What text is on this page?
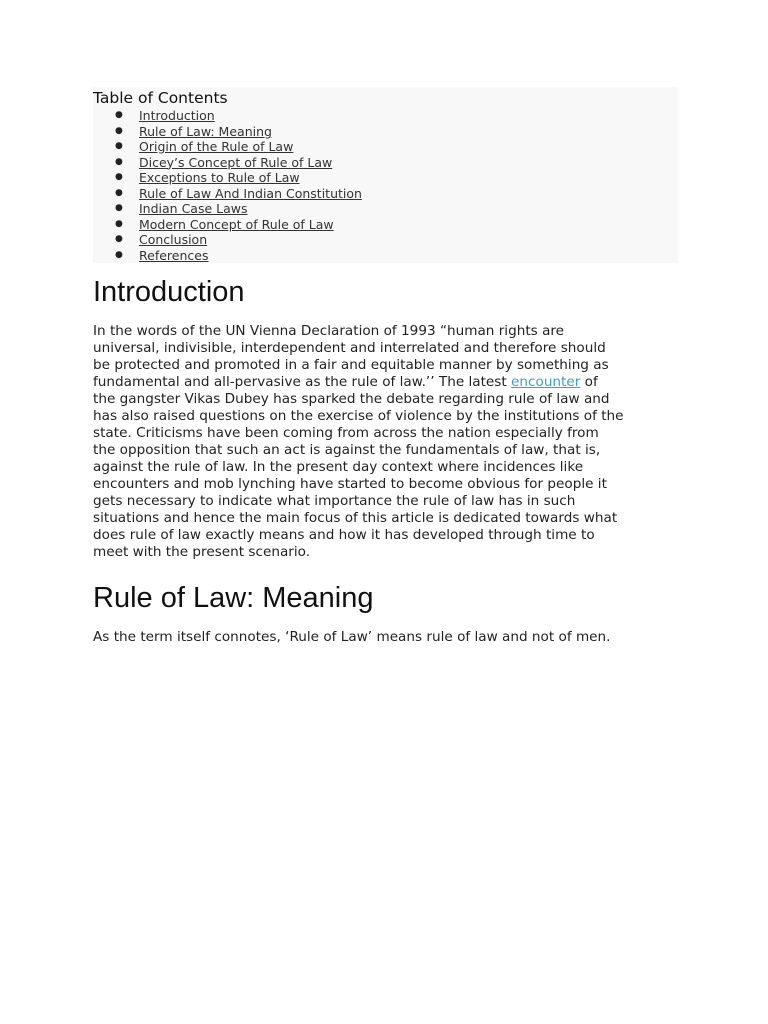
Table of Contents
● Introduction
● Rule of Law: Meaning
● Origin of the Rule of Law
● Dicey’s Concept of Rule of Law
● Exceptions to Rule of Law
● Rule of Law And Indian Constitution
● Indian Case Laws
● Modern Concept of Rule of Law
● Conclusion
● References
Introduction

In the words of the UN Vienna Declaration of 1993 “human rights are
universal, indivisible, interdependent and interrelated and therefore should
be protected and promoted in a fair and equitable manner by something as
fundamental and all-pervasive as the rule of law.’’ The latest encounter of
the gangster Vikas Dubey has sparked the debate regarding rule of law and
has also raised questions on the exercise of violence by the institutions of the
state. Criticisms have been coming from across the nation especially from
the opposition that such an act is against the fundamentals of law, that is,
against the rule of law. In the present day context where incidences like
encounters and mob lynching have started to become obvious for people it
gets necessary to indicate what importance the rule of law has in such
situations and hence the main focus of this article is dedicated towards what
does rule of law exactly means and how it has developed through time to
meet with the present scenario.

Rule of Law: Meaning

As the term itself connotes, ‘Rule of Law’ means rule of law and not of men.
